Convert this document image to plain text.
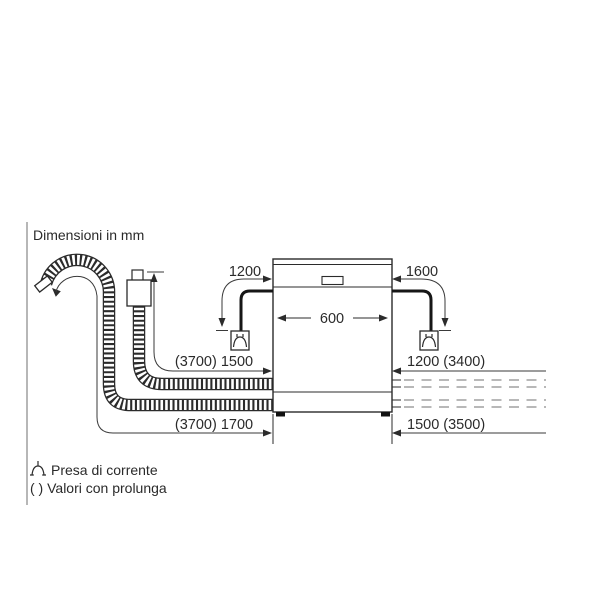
Dimensioni in mm
600
1200	1600
(3700) 1500
(3700) 1700
1200 (3400)
1500 (3500)
Presa di corrente
( ) Valori con prolunga
